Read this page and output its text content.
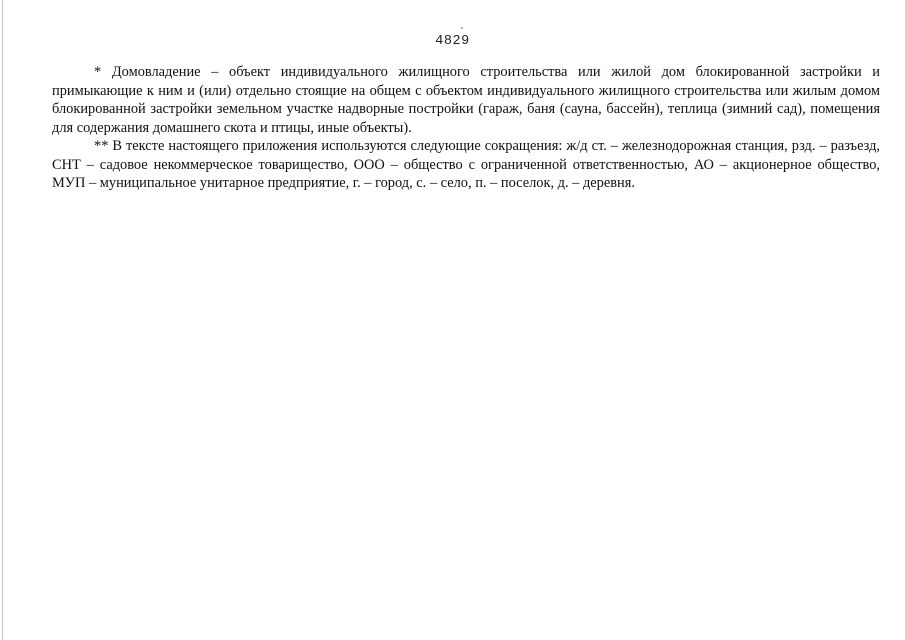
4829

* Домовладение – объект индивидуального жилищного строительства или жилой дом блокированной застройки и примыкающие к ним и (или) отдельно стоящие на общем с объектом индивидуального жилищного строительства или жилым домом блокированной застройки земельном участке надворные постройки (гараж, баня (сауна, бассейн), теплица (зимний сад), помещения для содержания домашнего скота и птицы, иные объекты).

** В тексте настоящего приложения используются следующие сокращения: ж/д ст. – железнодорожная станция, рзд. – разъезд, СНТ – садовое некоммерческое товарищество, ООО – общество с ограниченной ответственностью, АО – акционерное общество, МУП – муниципальное унитарное предприятие, г. – город, с. – село, п. – поселок, д. – деревня.
